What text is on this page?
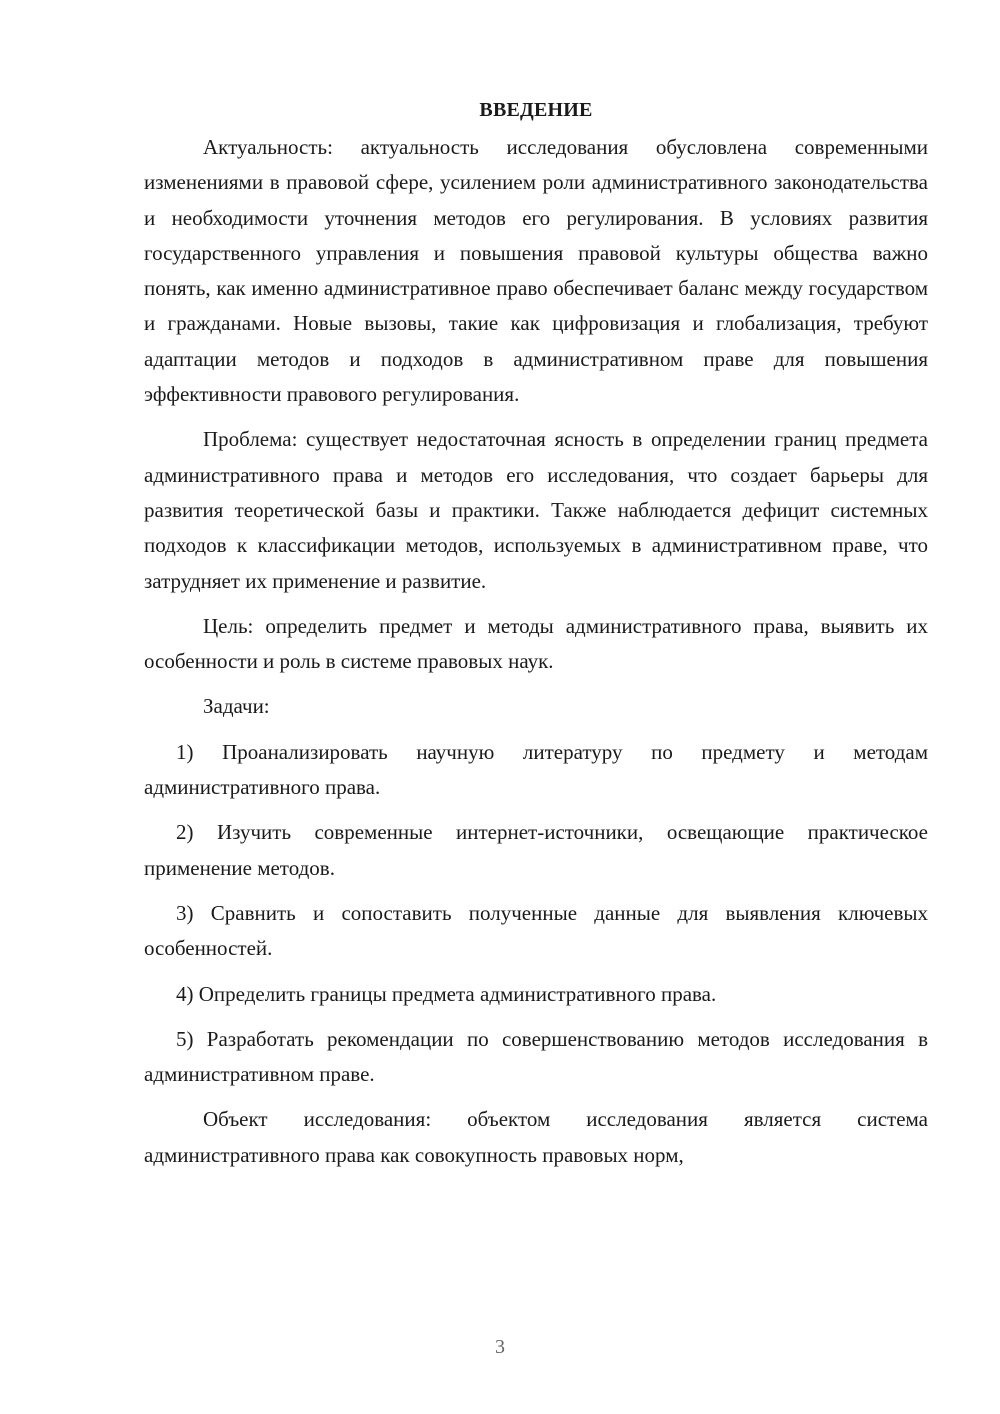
ВВЕДЕНИЕ

Актуальность: актуальность исследования обусловлена современными изменениями в правовой сфере, усилением роли административного законодательства и необходимости уточнения методов его регулирования. В условиях развития государственного управления и повышения правовой культуры общества важно понять, как именно административное право обеспечивает баланс между государством и гражданами. Новые вызовы, такие как цифровизация и глобализация, требуют адаптации методов и подходов в административном праве для повышения эффективности правового регулирования.

Проблема: существует недостаточная ясность в определении границ предмета административного права и методов его исследования, что создает барьеры для развития теоретической базы и практики. Также наблюдается дефицит системных подходов к классификации методов, используемых в административном праве, что затрудняет их применение и развитие.

Цель: определить предмет и методы административного права, выявить их особенности и роль в системе правовых наук.

Задачи:

1) Проанализировать научную литературу по предмету и методам административного права.

2) Изучить современные интернет-источники, освещающие практическое применение методов.

3) Сравнить и сопоставить полученные данные для выявления ключевых особенностей.

4) Определить границы предмета административного права.

5) Разработать рекомендации по совершенствованию методов исследования в административном праве.

Объект исследования: объектом исследования является система административного права как совокупность правовых норм,

3
